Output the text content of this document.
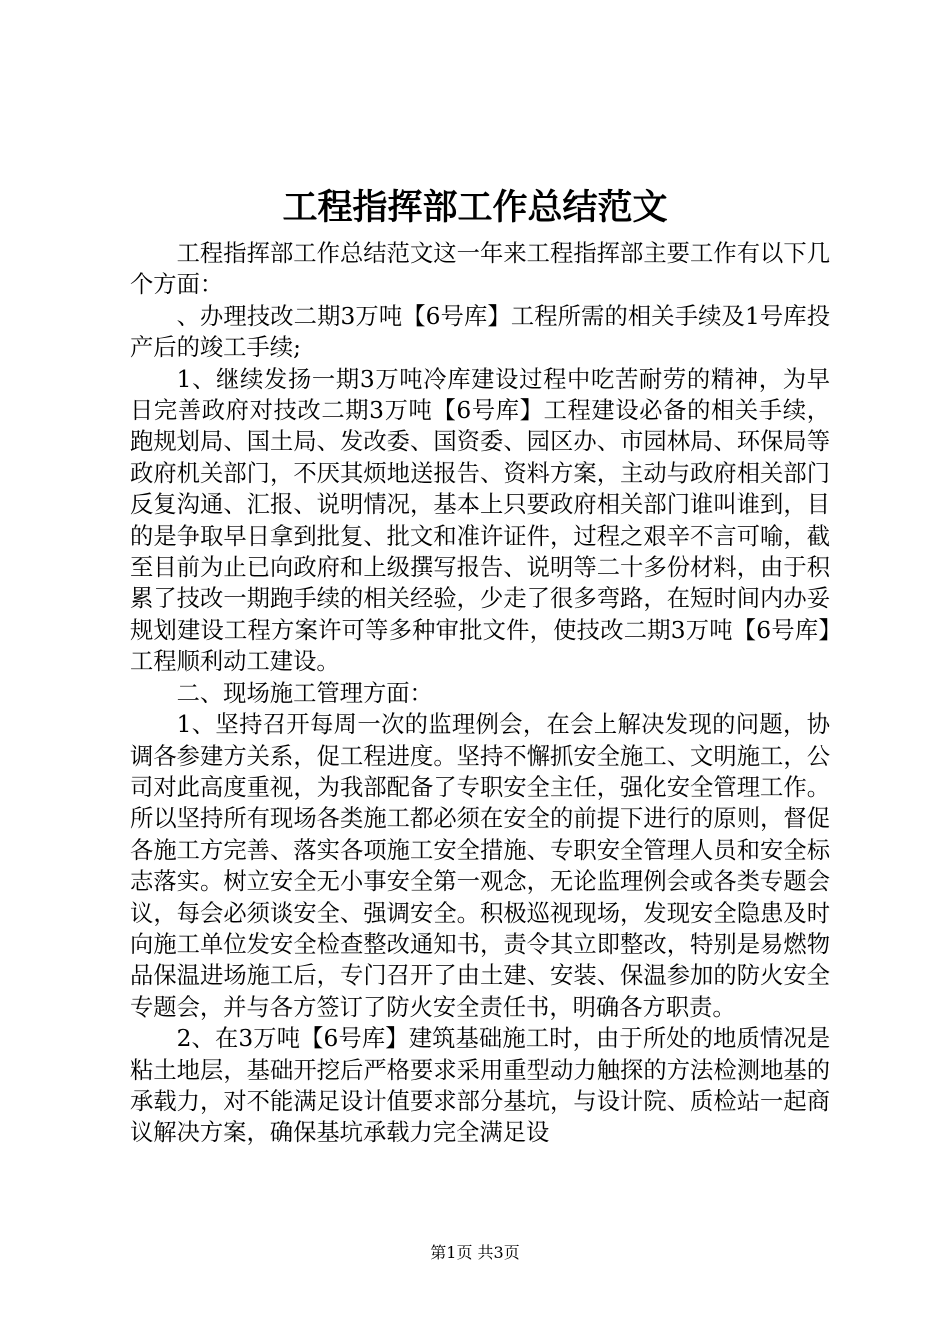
工程指挥部工作总结范文

工程指挥部工作总结范文这一年来工程指挥部主要工作有以下几个方面：

、办理技改二期3万吨【6号库】工程所需的相关手续及1号库投产后的竣工手续;

1、继续发扬一期3万吨冷库建设过程中吃苦耐劳的精神，为早日完善政府对技改二期3万吨【6号库】工程建设必备的相关手续，跑规划局、国土局、发改委、国资委、园区办、市园林局、环保局等政府机关部门，不厌其烦地送报告、资料方案，主动与政府相关部门反复沟通、汇报、说明情况，基本上只要政府相关部门谁叫谁到，目的是争取早日拿到批复、批文和准许证件，过程之艰辛不言可喻，截至目前为止已向政府和上级撰写报告、说明等二十多份材料，由于积累了技改一期跑手续的相关经验，少走了很多弯路，在短时间内办妥规划建设工程方案许可等多种审批文件，使技改二期3万吨【6号库】工程顺利动工建设。

二、现场施工管理方面：

1、坚持召开每周一次的监理例会，在会上解决发现的问题，协调各参建方关系，促工程进度。坚持不懈抓安全施工、文明施工，公司对此高度重视，为我部配备了专职安全主任，强化安全管理工作。所以坚持所有现场各类施工都必须在安全的前提下进行的原则，督促各施工方完善、落实各项施工安全措施、专职安全管理人员和安全标志落实。树立安全无小事安全第一观念，无论监理例会或各类专题会议，每会必须谈安全、强调安全。积极巡视现场，发现安全隐患及时向施工单位发安全检查整改通知书，责令其立即整改，特别是易燃物品保温进场施工后，专门召开了由土建、安装、保温参加的防火安全专题会，并与各方签订了防火安全责任书，明确各方职责。

2、在3万吨【6号库】建筑基础施工时，由于所处的地质情况是粘土地层，基础开挖后严格要求采用重型动力触探的方法检测地基的承载力，对不能满足设计值要求部分基坑，与设计院、质检站一起商议解决方案，确保基坑承载力完全满足设

第1页 共3页
